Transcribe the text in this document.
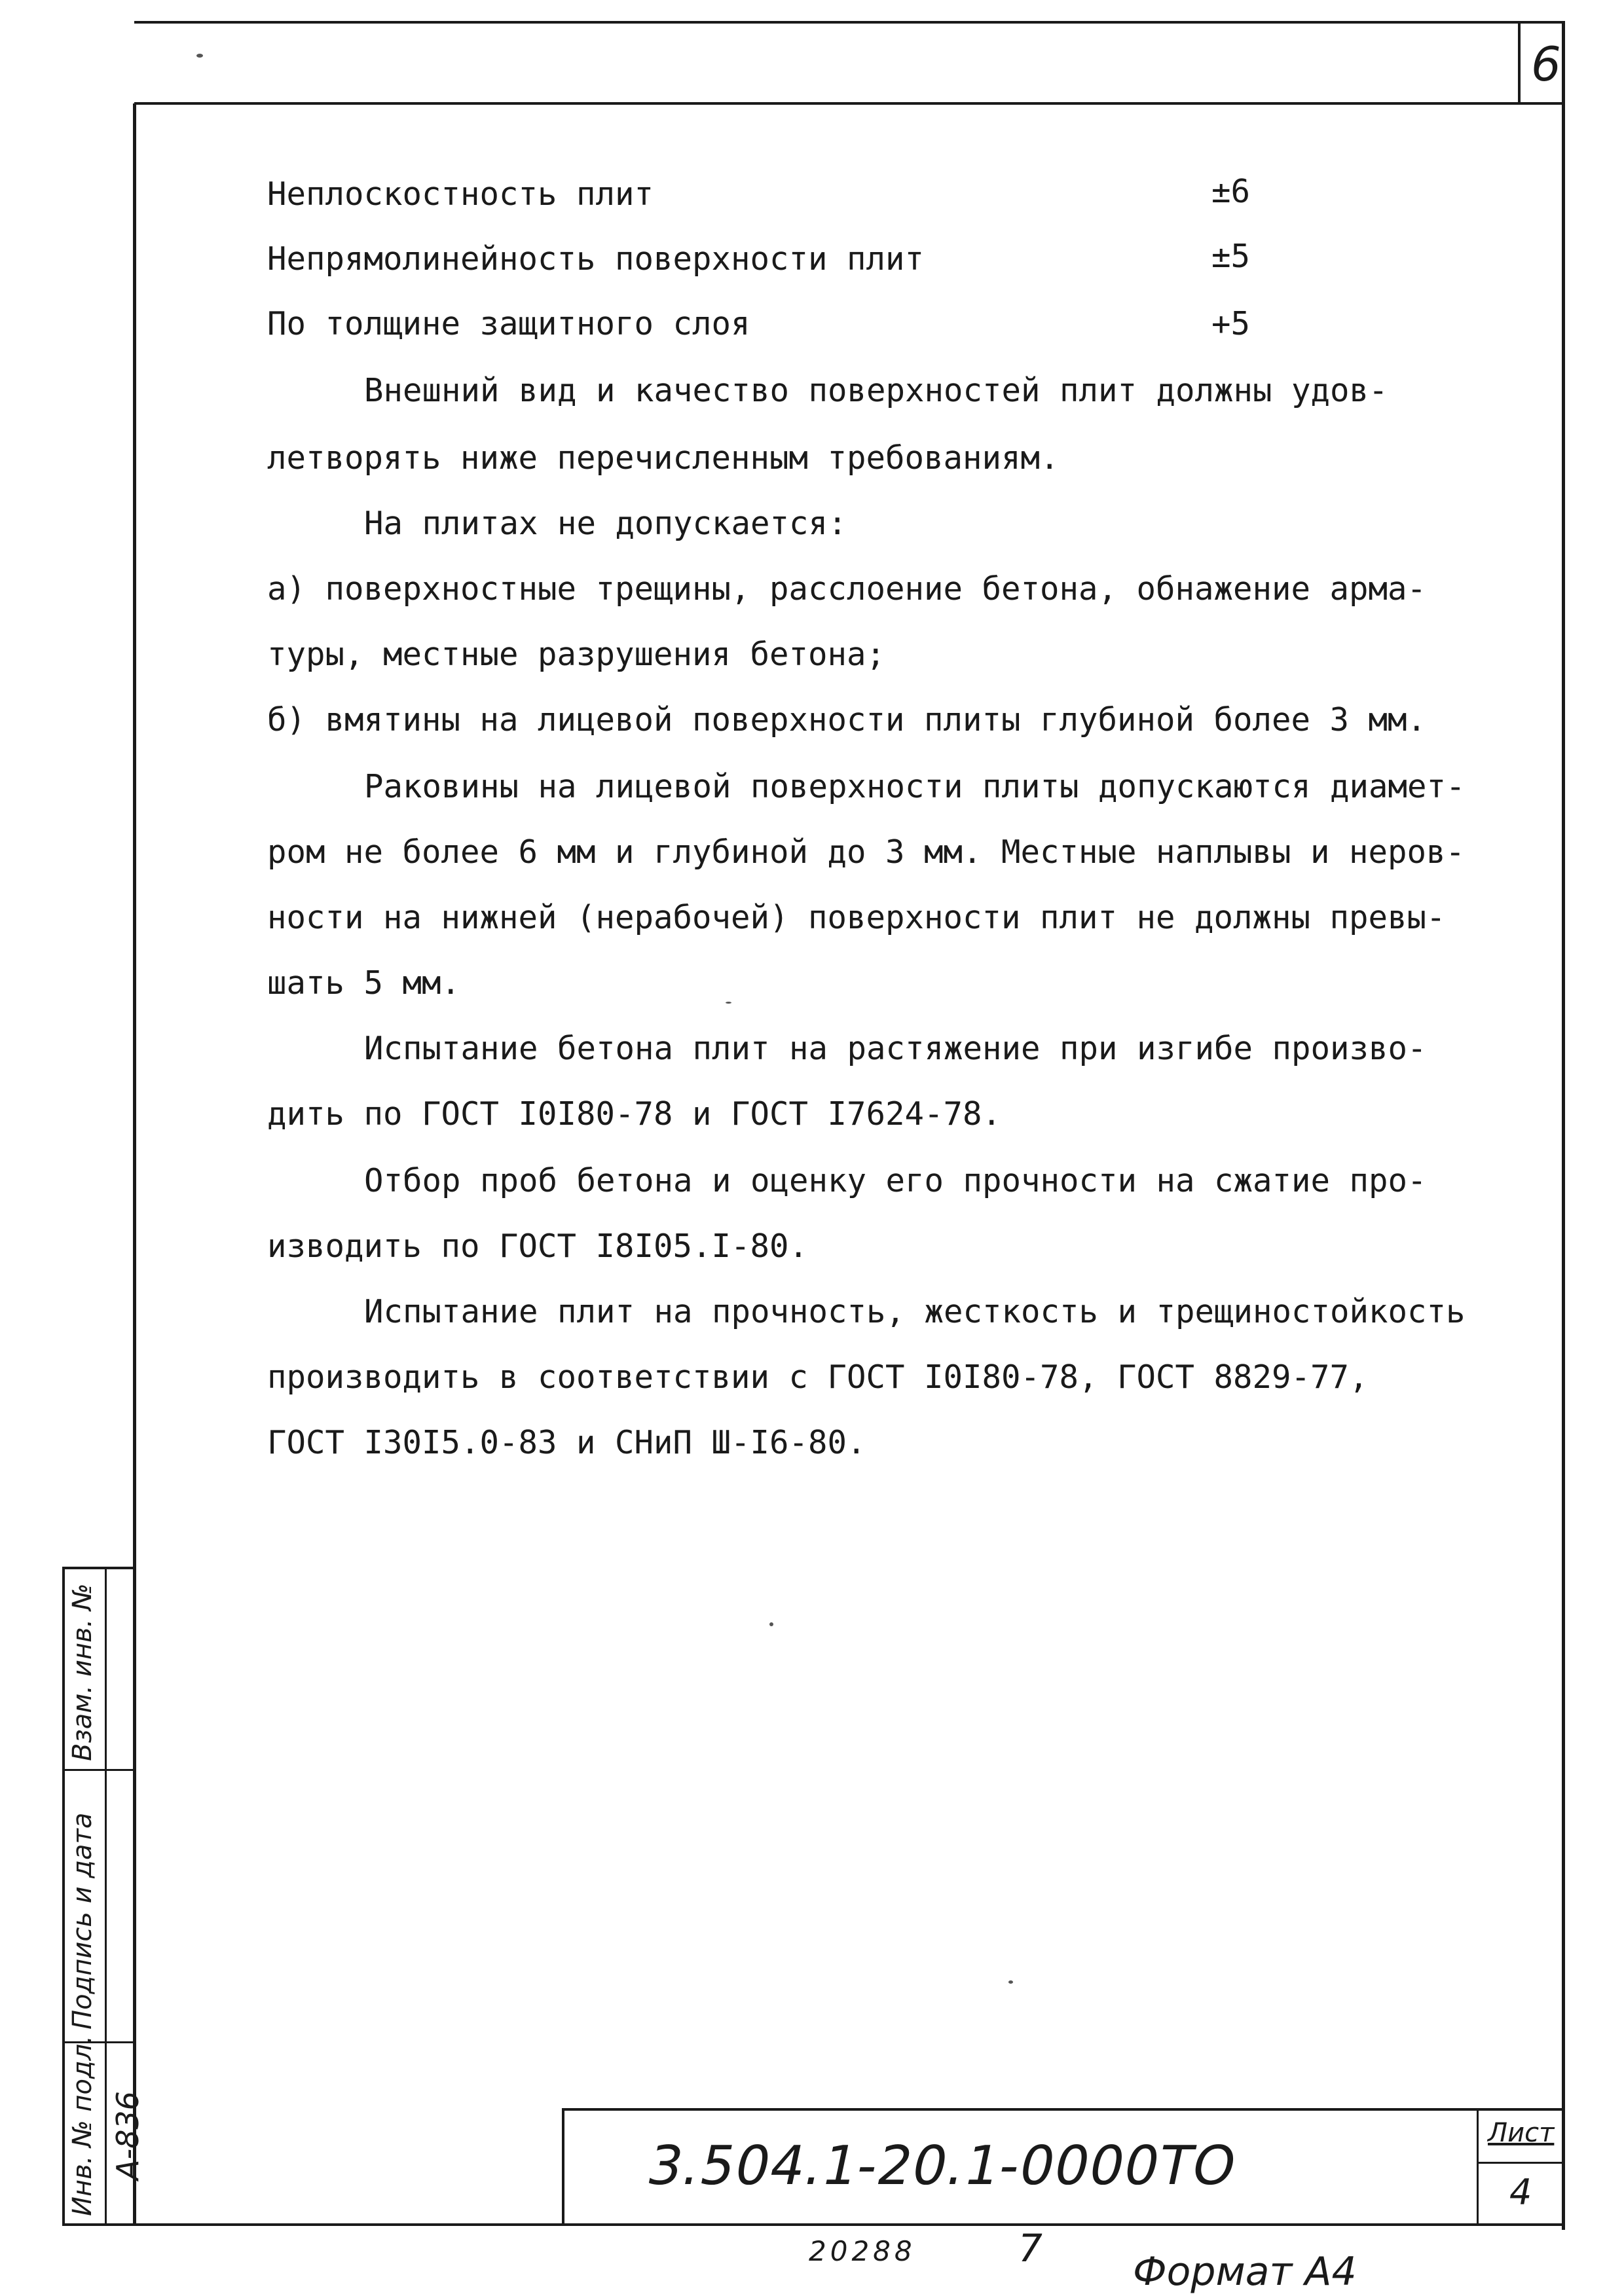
6
Неплоскостность плит	±6
Непрямолинейность поверхности плит	±5
По толщине защитного слоя	+5
Внешний вид и качество поверхностей плит должны удов-
летворять ниже перечисленным требованиям.
На плитах не допускается:
а) поверхностные трещины, расслоение бетона, обнажение арма-
туры, местные разрушения бетона;
б) вмятины на лицевой поверхности плиты глубиной более 3 мм.
Раковины на лицевой поверхности плиты допускаются диамет-
ром не более 6 мм и глубиной до 3 мм. Местные наплывы и неров-
ности на нижней (нерабочей) поверхности плит не должны превы-
шать 5 мм.
Испытание бетона плит на растяжение при изгибе произво-
дить по ГОСТ I0I80-78 и ГОСТ I7624-78.
Отбор проб бетона и оценку его прочности на сжатие про-
изводить по ГОСТ I8I05.I-80.
Испытание плит на прочность, жесткость и трещиностойкость
производить в соответствии с ГОСТ I0I80-78, ГОСТ 8829-77,
ГОСТ I30I5.0-83 и СНиП Ш-I6-80.
Взам. инв. №
Подпись и дата
Инв. № подл. А-836	3.504.1-20.1-0000ТО
Лист
4
20288	7
Формат А4
